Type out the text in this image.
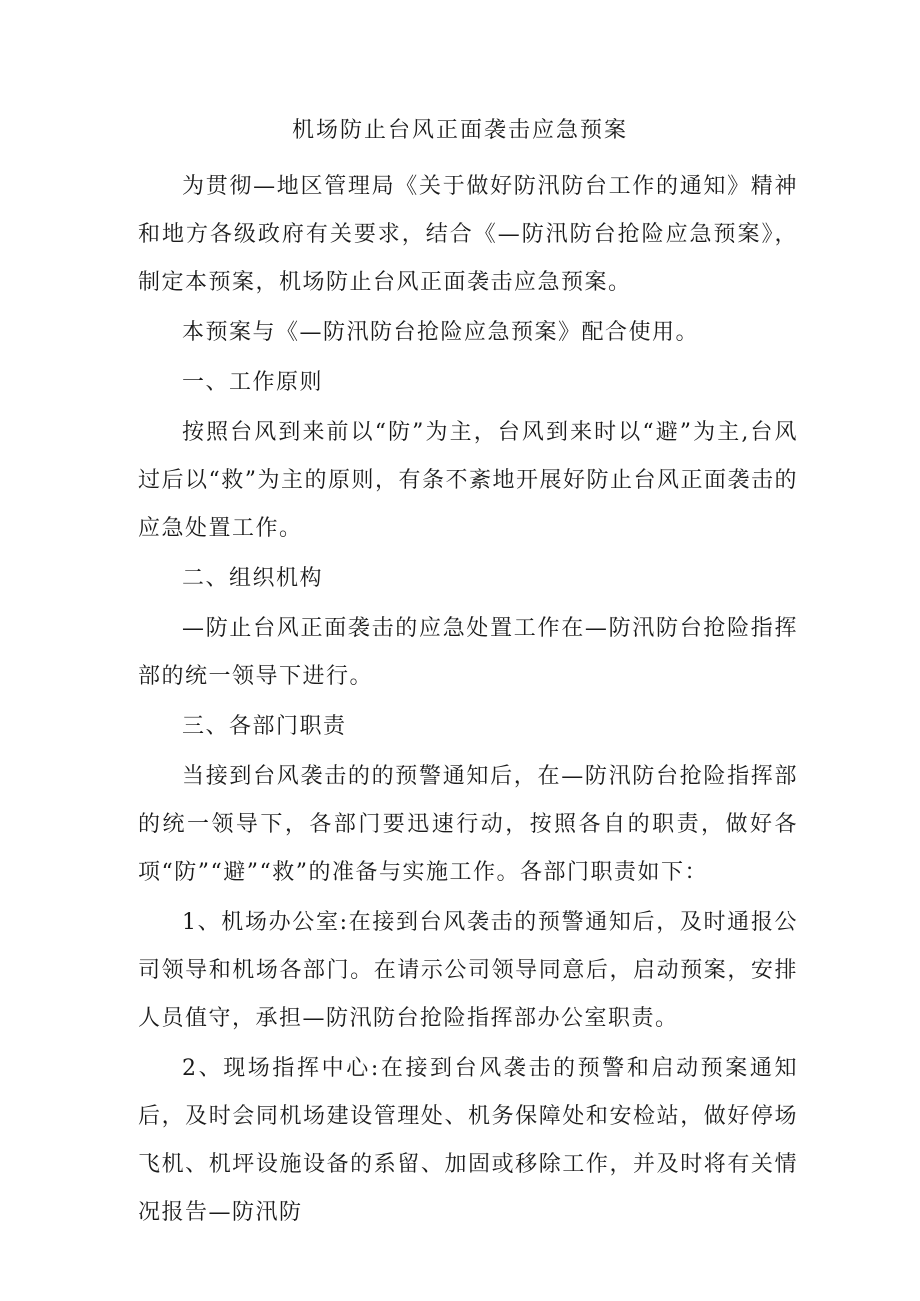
机场防止台风正面袭击应急预案

为贯彻—地区管理局《关于做好防汛防台工作的通知》精神和地方各级政府有关要求，结合《—防汛防台抢险应急预案》，制定本预案，机场防止台风正面袭击应急预案。

本预案与《—防汛防台抢险应急预案》配合使用。

一、工作原则

按照台风到来前以“防”为主，台风到来时以“避”为主,台风过后以“救”为主的原则，有条不紊地开展好防止台风正面袭击的应急处置工作。

二、组织机构

—防止台风正面袭击的应急处置工作在—防汛防台抢险指挥部的统一领导下进行。

三、各部门职责

当接到台风袭击的的预警通知后，在—防汛防台抢险指挥部的统一领导下，各部门要迅速行动，按照各自的职责，做好各项“防”“避”“救”的准备与实施工作。各部门职责如下：

1、机场办公室:在接到台风袭击的预警通知后，及时通报公司领导和机场各部门。在请示公司领导同意后，启动预案，安排人员值守，承担—防汛防台抢险指挥部办公室职责。

2、现场指挥中心:在接到台风袭击的预警和启动预案通知后，及时会同机场建设管理处、机务保障处和安检站，做好停场飞机、机坪设施设备的系留、加固或移除工作，并及时将有关情况报告—防汛防
